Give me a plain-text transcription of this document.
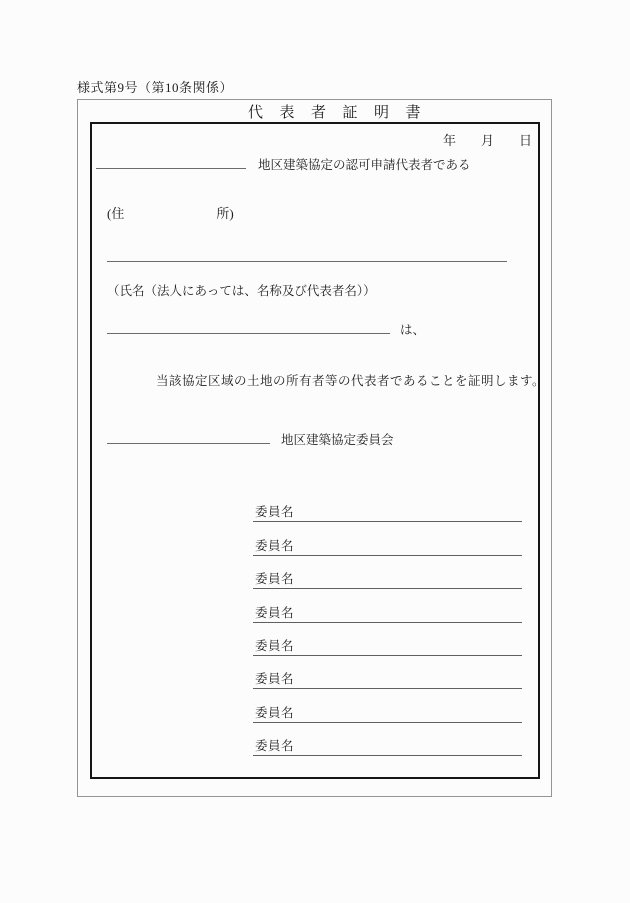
様式第9号（第10条関係）
代表者証明書
年 月 日
地区建築協定の認可申請代表者である
(住	所)
（氏名（法人にあっては、名称及び代表者名））
は、
当該協定区域の土地の所有者等の代表者であることを証明します。
地区建築協定委員会
委員名
委員名
委員名
委員名
委員名
委員名
委員名
委員名
